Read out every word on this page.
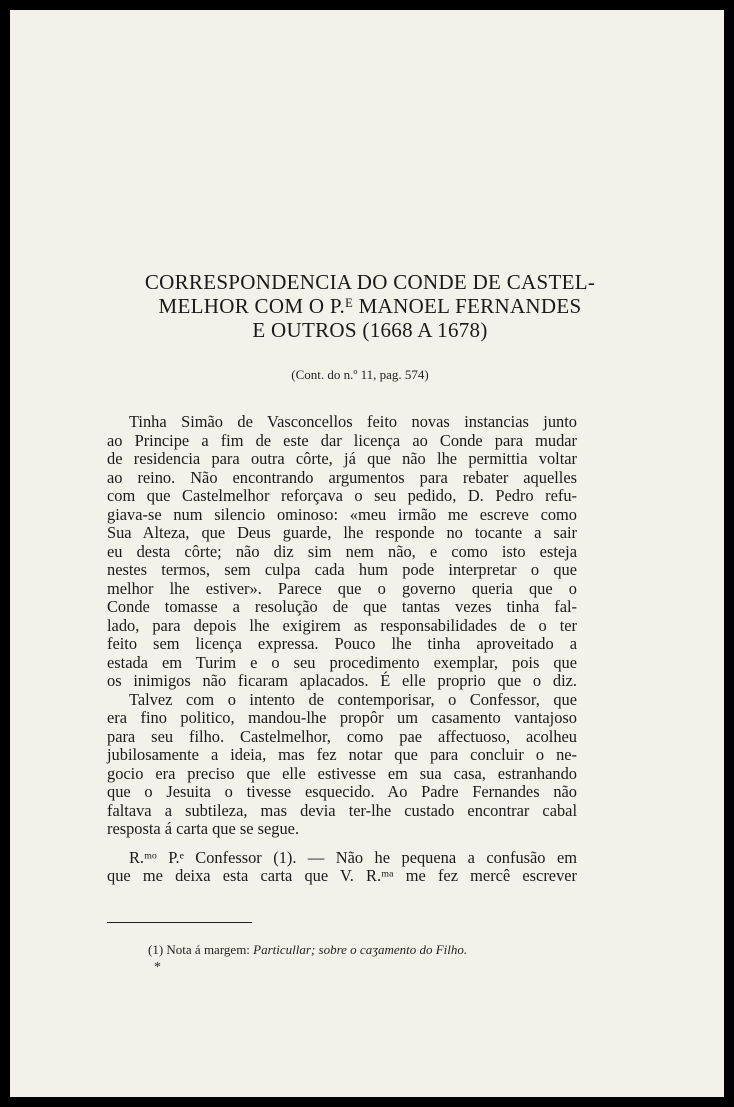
CORRESPONDENCIA DO CONDE DE CASTEL-
MELHOR COM O P.ᴱ MANOEL FERNANDES
E OUTROS (1668 A 1678)
(Cont. do n.º 11, pag. 574)
Tinha Simão de Vasconcellos feito novas instancias junto
ao Principe a fim de este dar licença ao Conde para mudar
de residencia para outra côrte, já que não lhe permittia voltar
ao reino. Não encontrando argumentos para rebater aquelles
com que Castelmelhor reforçava o seu pedido, D. Pedro refu-
giava-se num silencio ominoso: «meu irmão me escreve como
Sua Alteza, que Deus guarde, lhe responde no tocante a sair
eu desta côrte; não diz sim nem não, e como isto esteja
nestes termos, sem culpa cada hum pode interpretar o que
melhor lhe estiver». Parece que o governo queria que o
Conde tomasse a resolução de que tantas vezes tinha fal-
lado, para depois lhe exigirem as responsabilidades de o ter
feito sem licença expressa. Pouco lhe tinha aproveitado a
estada em Turim e o seu procedimento exemplar, pois que
os inimigos não ficaram aplacados. É elle proprio que o diz.
Talvez com o intento de contemporisar, o Confessor, que
era fino politico, mandou-lhe propôr um casamento vantajoso
para seu filho. Castelmelhor, como pae affectuoso, acolheu
jubilosamente a ideia, mas fez notar que para concluir o ne-
gocio era preciso que elle estivesse em sua casa, estranhando
que o Jesuita o tivesse esquecido. Ao Padre Fernandes não
faltava a subtileza, mas devia ter-lhe custado encontrar cabal
resposta á carta que se segue.
R.ᵐᵒ P.ᵉ Confessor (1). — Não he pequena a confusão em
que me deixa esta carta que V. R.ᵐᵃ me fez mercê escrever
(1) Nota á margem: Particullar; sobre o caʒamento do Filho.
*
